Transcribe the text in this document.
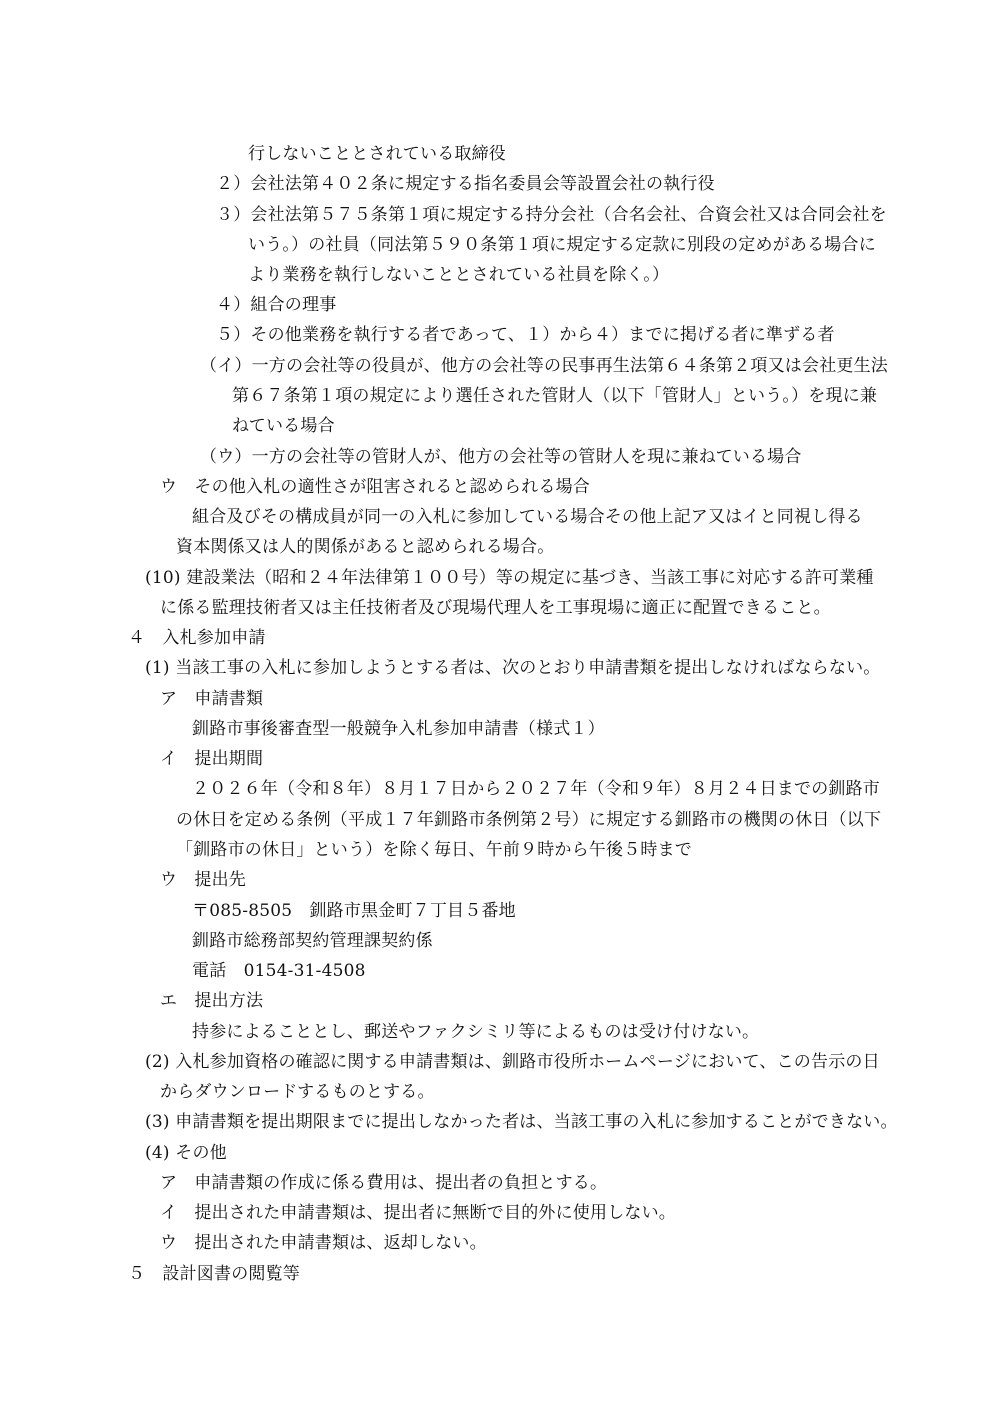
行しないこととされている取締役
２）会社法第４０２条に規定する指名委員会等設置会社の執行役
３）会社法第５７５条第１項に規定する持分会社（合名会社、合資会社又は合同会社を
いう。）の社員（同法第５９０条第１項に規定する定款に別段の定めがある場合に
より業務を執行しないこととされている社員を除く。）
４）組合の理事
５）その他業務を執行する者であって、１）から４）までに掲げる者に準ずる者
（イ）一方の会社等の役員が、他方の会社等の民事再生法第６４条第２項又は会社更生法
第６７条第１項の規定により選任された管財人（以下「管財人」という。）を現に兼
ねている場合
（ウ）一方の会社等の管財人が、他方の会社等の管財人を現に兼ねている場合
ウ　その他入札の適性さが阻害されると認められる場合
組合及びその構成員が同一の入札に参加している場合その他上記ア又はイと同視し得る
資本関係又は人的関係があると認められる場合。
(10) 建設業法（昭和２４年法律第１００号）等の規定に基づき、当該工事に対応する許可業種
に係る監理技術者又は主任技術者及び現場代理人を工事現場に適正に配置できること。
４　入札参加申請
(1) 当該工事の入札に参加しようとする者は、次のとおり申請書類を提出しなければならない。
ア　申請書類
釧路市事後審査型一般競争入札参加申請書（様式１）
イ　提出期間
２０２６年（令和８年）８月１７日から２０２７年（令和９年）８月２４日までの釧路市
の休日を定める条例（平成１７年釧路市条例第２号）に規定する釧路市の機関の休日（以下
「釧路市の休日」という）を除く毎日、午前９時から午後５時まで
ウ　提出先
〒085-8505　釧路市黒金町７丁目５番地
釧路市総務部契約管理課契約係
電話　0154-31-4508
エ　提出方法
持参によることとし、郵送やファクシミリ等によるものは受け付けない。
(2) 入札参加資格の確認に関する申請書類は、釧路市役所ホームページにおいて、この告示の日
からダウンロードするものとする。
(3) 申請書類を提出期限までに提出しなかった者は、当該工事の入札に参加することができない。
(4) その他
ア　申請書類の作成に係る費用は、提出者の負担とする。
イ　提出された申請書類は、提出者に無断で目的外に使用しない。
ウ　提出された申請書類は、返却しない。
５　設計図書の閲覧等
